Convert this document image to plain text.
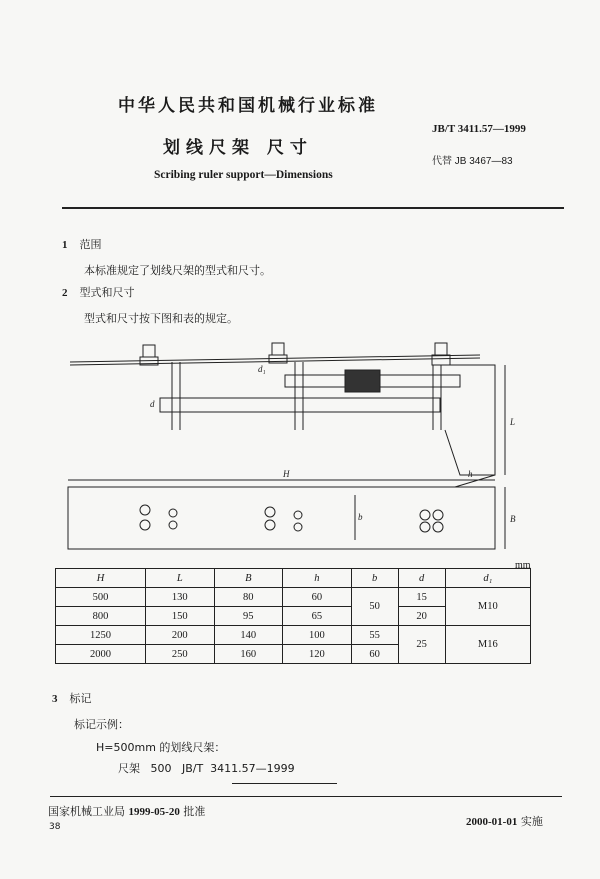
中华人民共和国机械行业标准
划线尺架 尺寸
Scribing ruler support—Dimensions
JB/T 3411.57—1999
代替 JB 3467—83
1 范围
本标准规定了划线尺架的型式和尺寸。
2 型式和尺寸
型式和尺寸按下图和表的规定。
d₁
d
L
H	h
b	B
mm
H	L	B	h	b	d	d₁
500	130	80	60	50	15	M10
800	150	95	65		20	
1250	200	140	100	55	25	M16
2000	250	160	120	60		
3 标记
标记示例：
H=500mm 的划线尺架：
尺架   500   JB/T  3411.57—1999
国家机械工业局 1999-05-20 批准
38	2000-01-01 实施
